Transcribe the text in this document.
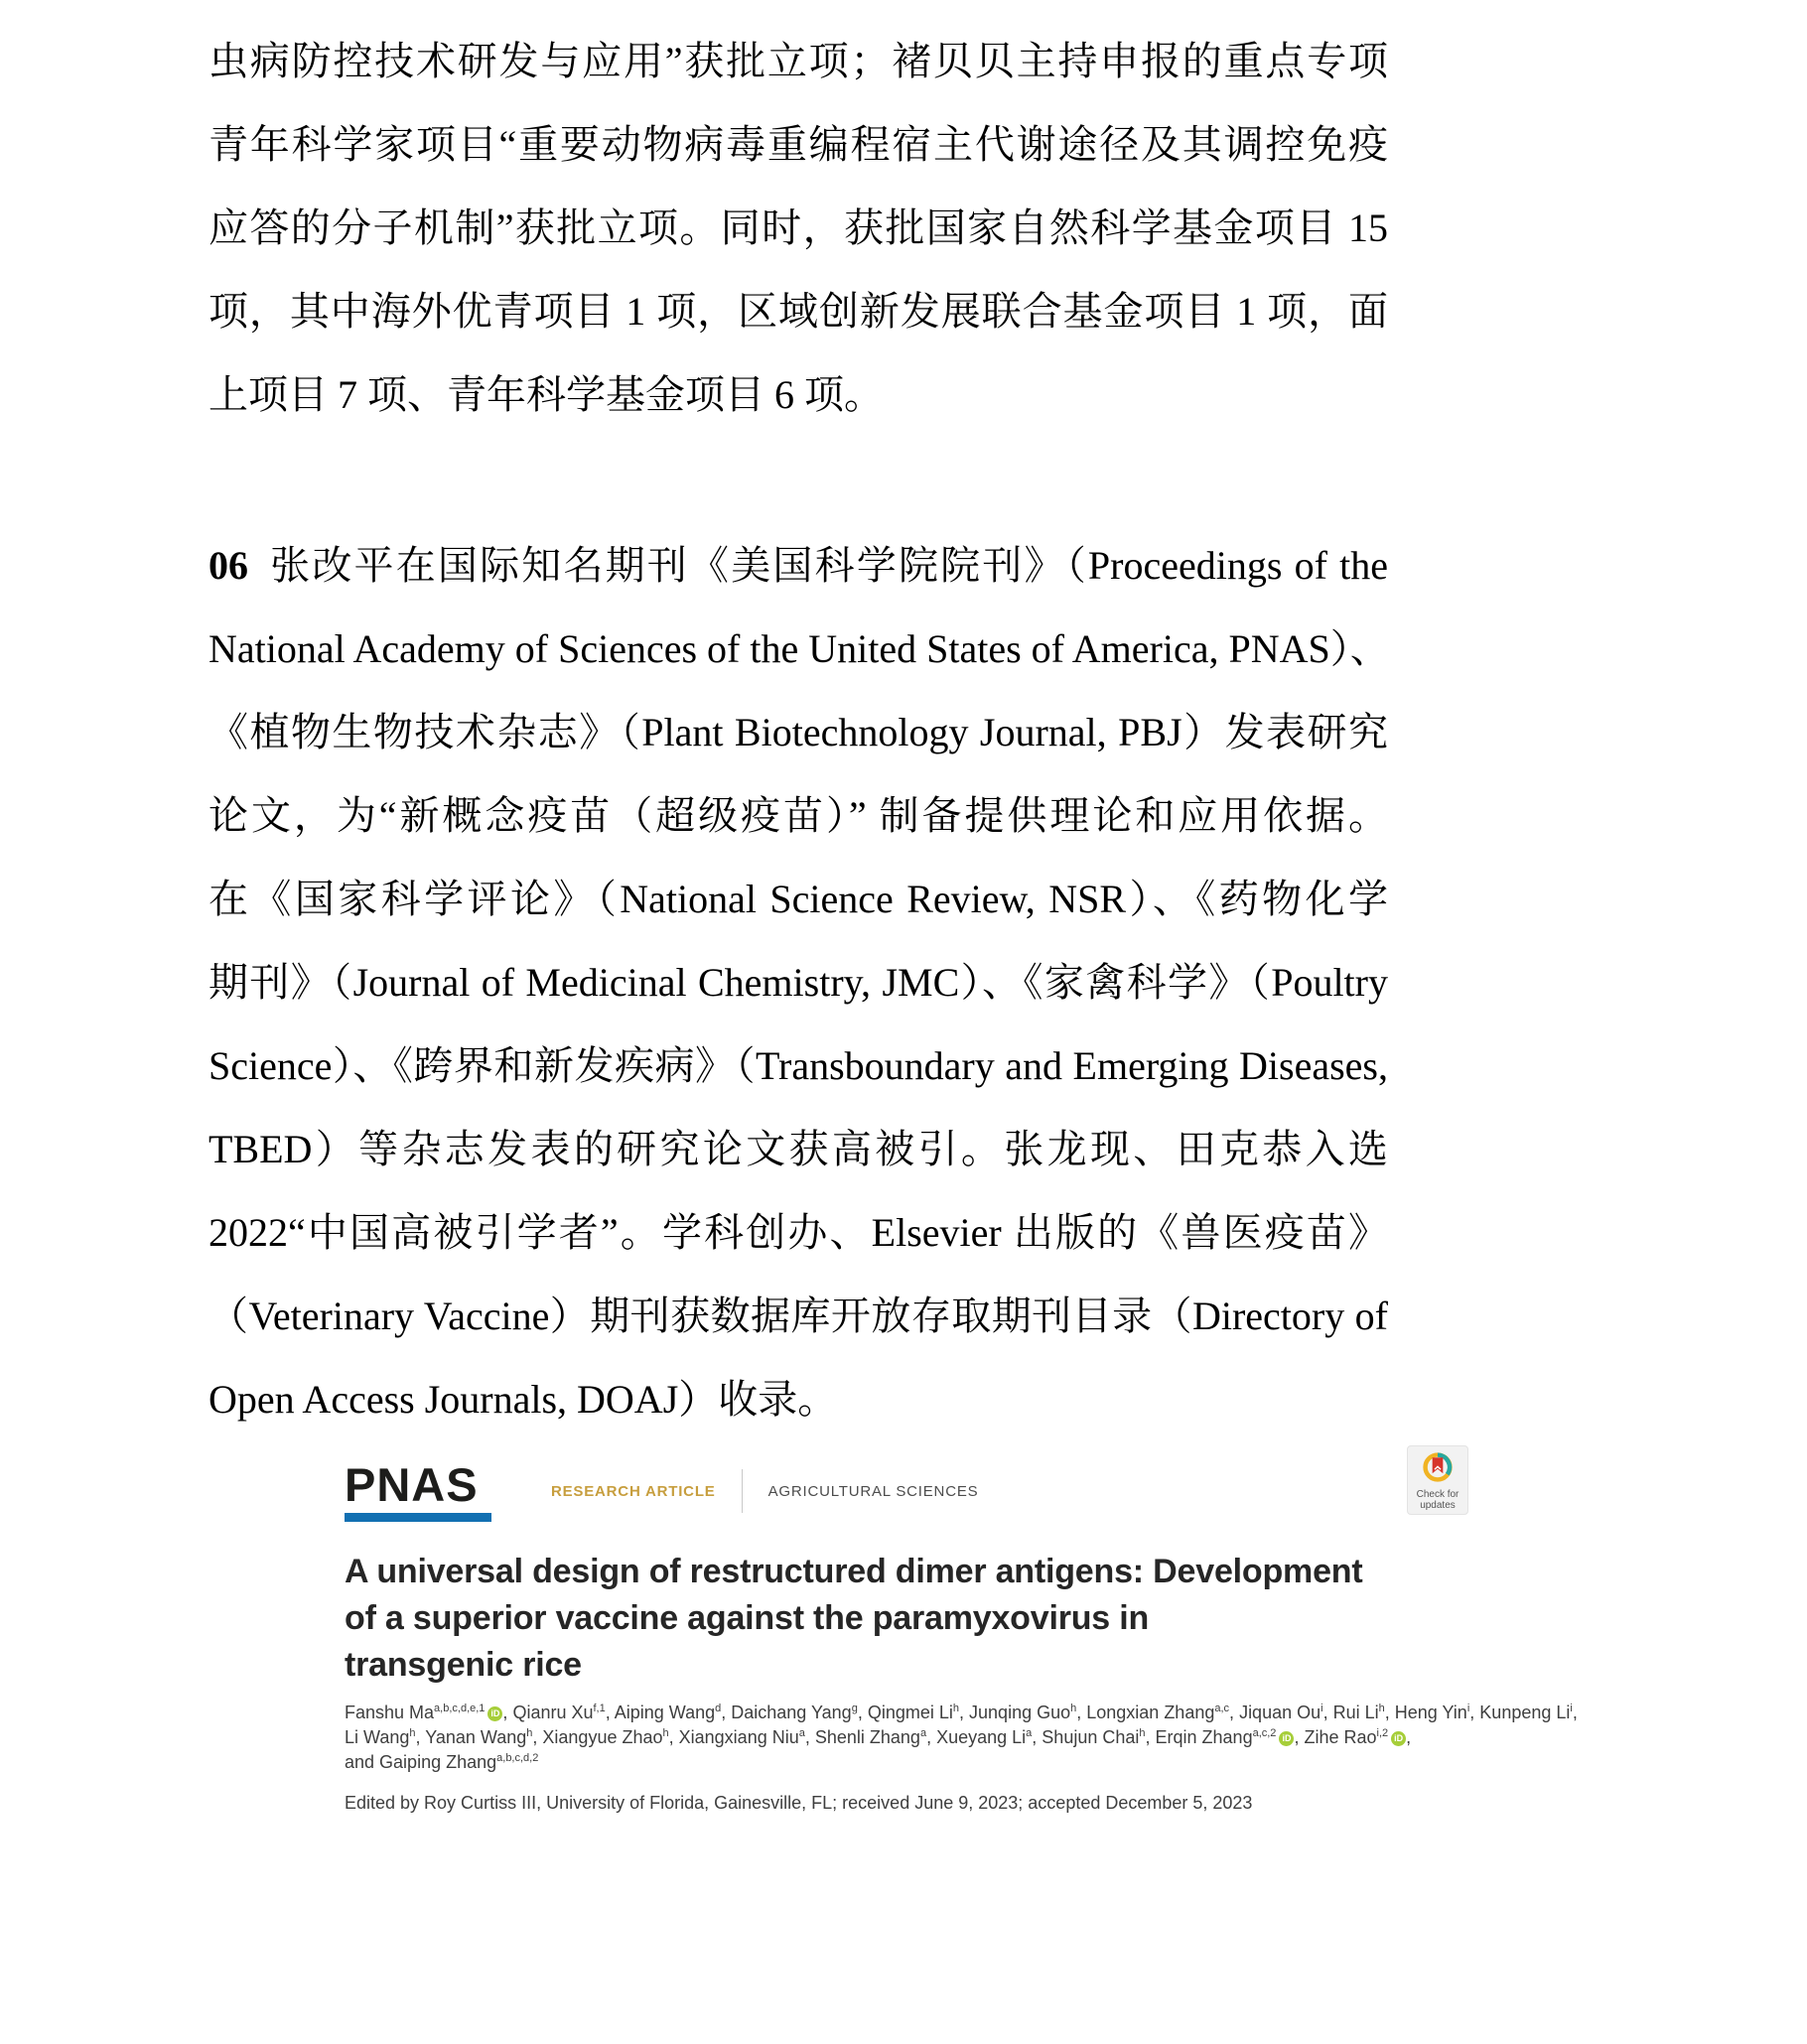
虫病防控技术研发与应用”获批立项；褚贝贝主持申报的重点专项
青年科学家项目“重要动物病毒重编程宿主代谢途径及其调控免疫
应答的分子机制”获批立项。同时，获批国家自然科学基金项目 15
项，其中海外优青项目 1 项，区域创新发展联合基金项目 1 项，面
上项目 7 项、青年科学基金项目 6 项。
06 张改平在国际知名期刊《美国科学院院刊》（Proceedings of the
National Academy of Sciences of the United States of America, PNAS）、
《植物生物技术杂志》（Plant Biotechnology Journal, PBJ）发表研究
论文，为“新概念疫苗（超级疫苗）” 制备提供理论和应用依据。
在《国家科学评论》（National Science Review, NSR）、《药物化学
期刊》（Journal of Medicinal Chemistry, JMC）、《家禽科学》（Poultry
Science）、《跨界和新发疾病》（Transboundary and Emerging Diseases,
TBED）等杂志发表的研究论文获高被引。张龙现、田克恭入选
2022“中国高被引学者”。学科创办、Elsevier 出版的《兽医疫苗》
（Veterinary Vaccine）期刊获数据库开放存取期刊目录（Directory of
Open Access Journals, DOAJ）收录。
PNAS	RESEARCH ARTICLE	AGRICULTURAL SCIENCES	Check for
updates
A universal design of restructured dimer antigens: Development
of a superior vaccine against the paramyxovirus in
transgenic rice
Fanshu Ma$^{a,b,c,d,e,1}$ iD , Qianru Xu$^{f,1}$, Aiping Wang$^d$, Daichang Yang$^g$, Qingmei Li$^h$, Junqing Guo$^h$, Longxian Zhang$^{a,c}$, Jiquan Ou$^i$, Rui Li$^h$, Heng Yin$^i$, Kunpeng Li$^i$,
Li Wang$^h$, Yanan Wang$^h$, Xiangyue Zhao$^h$, Xiangxiang Niu$^a$, Shenli Zhang$^a$, Xueyang Li$^a$, Shujun Chai$^h$, Erqin Zhang$^{a,c,2}$ iD , Zihe Rao$^{i,2}$ iD ,
and Gaiping Zhang$^{a,b,c,d,2}$
Edited by Roy Curtiss III, University of Florida, Gainesville, FL; received June 9, 2023; accepted December 5, 2023
